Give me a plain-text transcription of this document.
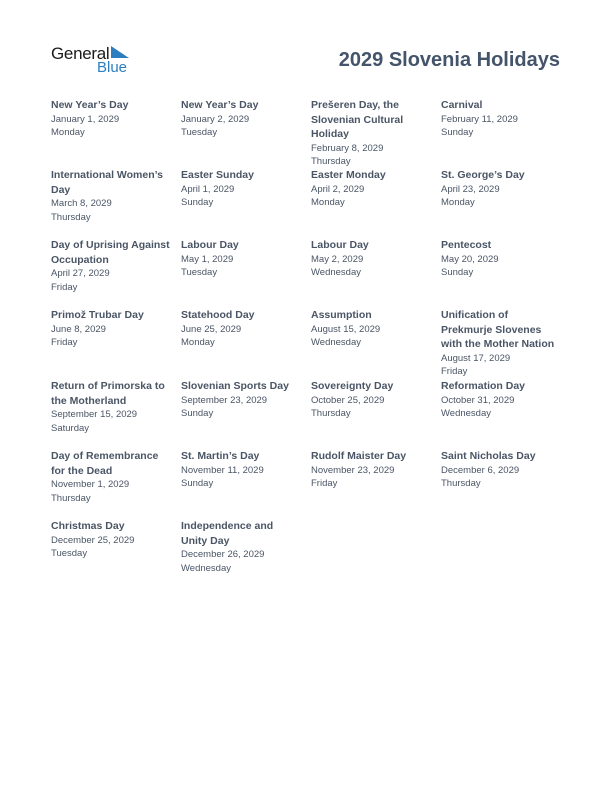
General
Blue	2029 Slovenia Holidays
New Year’s Day
January 1, 2029
Monday
New Year’s Day
January 2, 2029
Tuesday
Prešeren Day, the Slovenian Cultural Holiday
February 8, 2029
Thursday
Carnival
February 11, 2029
Sunday
International Women’s Day
March 8, 2029
Thursday
Easter Sunday
April 1, 2029
Sunday
Easter Monday
April 2, 2029
Monday
St. George’s Day
April 23, 2029
Monday
Day of Uprising Against Occupation
April 27, 2029
Friday
Labour Day
May 1, 2029
Tuesday
Labour Day
May 2, 2029
Wednesday
Pentecost
May 20, 2029
Sunday
Primož Trubar Day
June 8, 2029
Friday
Statehood Day
June 25, 2029
Monday
Assumption
August 15, 2029
Wednesday
Unification of Prekmurje Slovenes with the Mother Nation
August 17, 2029
Friday
Return of Primorska to the Motherland
September 15, 2029
Saturday
Slovenian Sports Day
September 23, 2029
Sunday
Sovereignty Day
October 25, 2029
Thursday
Reformation Day
October 31, 2029
Wednesday
Day of Remembrance for the Dead
November 1, 2029
Thursday
St. Martin’s Day
November 11, 2029
Sunday
Rudolf Maister Day
November 23, 2029
Friday
Saint Nicholas Day
December 6, 2029
Thursday
Christmas Day
December 25, 2029
Tuesday
Independence and Unity Day
December 26, 2029
Wednesday
